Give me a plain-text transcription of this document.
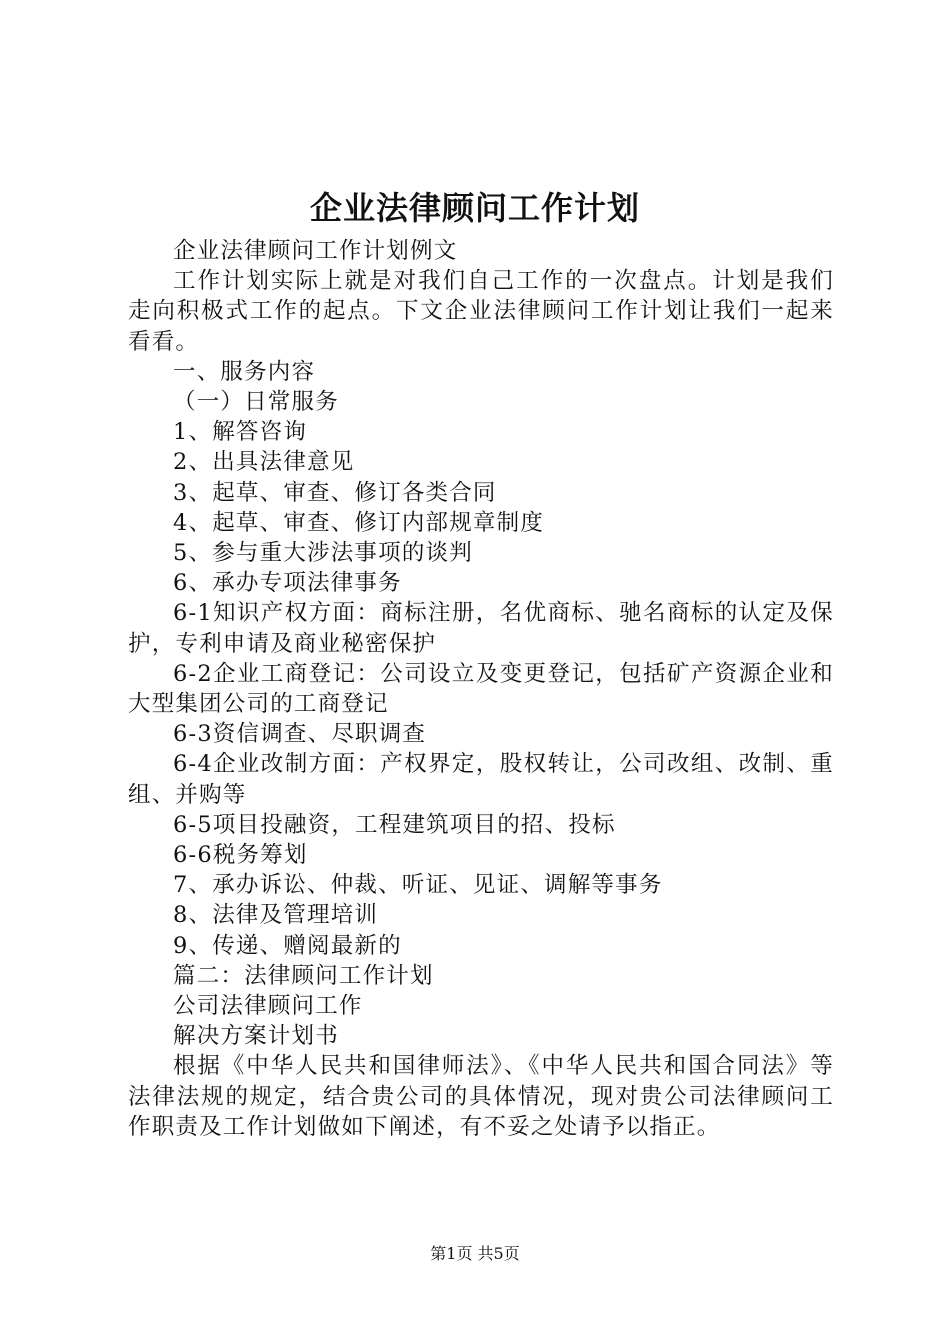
企业法律顾问工作计划

企业法律顾问工作计划例文

工作计划实际上就是对我们自己工作的一次盘点。计划是我们走向积极式工作的起点。下文企业法律顾问工作计划让我们一起来看看。

一、服务内容

（一）日常服务

1、解答咨询

2、出具法律意见

3、起草、审查、修订各类合同

4、起草、审查、修订内部规章制度

5、参与重大涉法事项的谈判

6、承办专项法律事务

6-1知识产权方面：商标注册，名优商标、驰名商标的认定及保护，专利申请及商业秘密保护

6-2企业工商登记：公司设立及变更登记，包括矿产资源企业和大型集团公司的工商登记

6-3资信调查、尽职调查

6-4企业改制方面：产权界定，股权转让，公司改组、改制、重组、并购等

6-5项目投融资，工程建筑项目的招、投标

6-6税务筹划

7、承办诉讼、仲裁、听证、见证、调解等事务

8、法律及管理培训

9、传递、赠阅最新的

篇二：法律顾问工作计划

公司法律顾问工作

解决方案计划书

根据《中华人民共和国律师法》、《中华人民共和国合同法》等法律法规的规定，结合贵公司的具体情况，现对贵公司法律顾问工作职责及工作计划做如下阐述，有不妥之处请予以指正。

第1页 共5页
